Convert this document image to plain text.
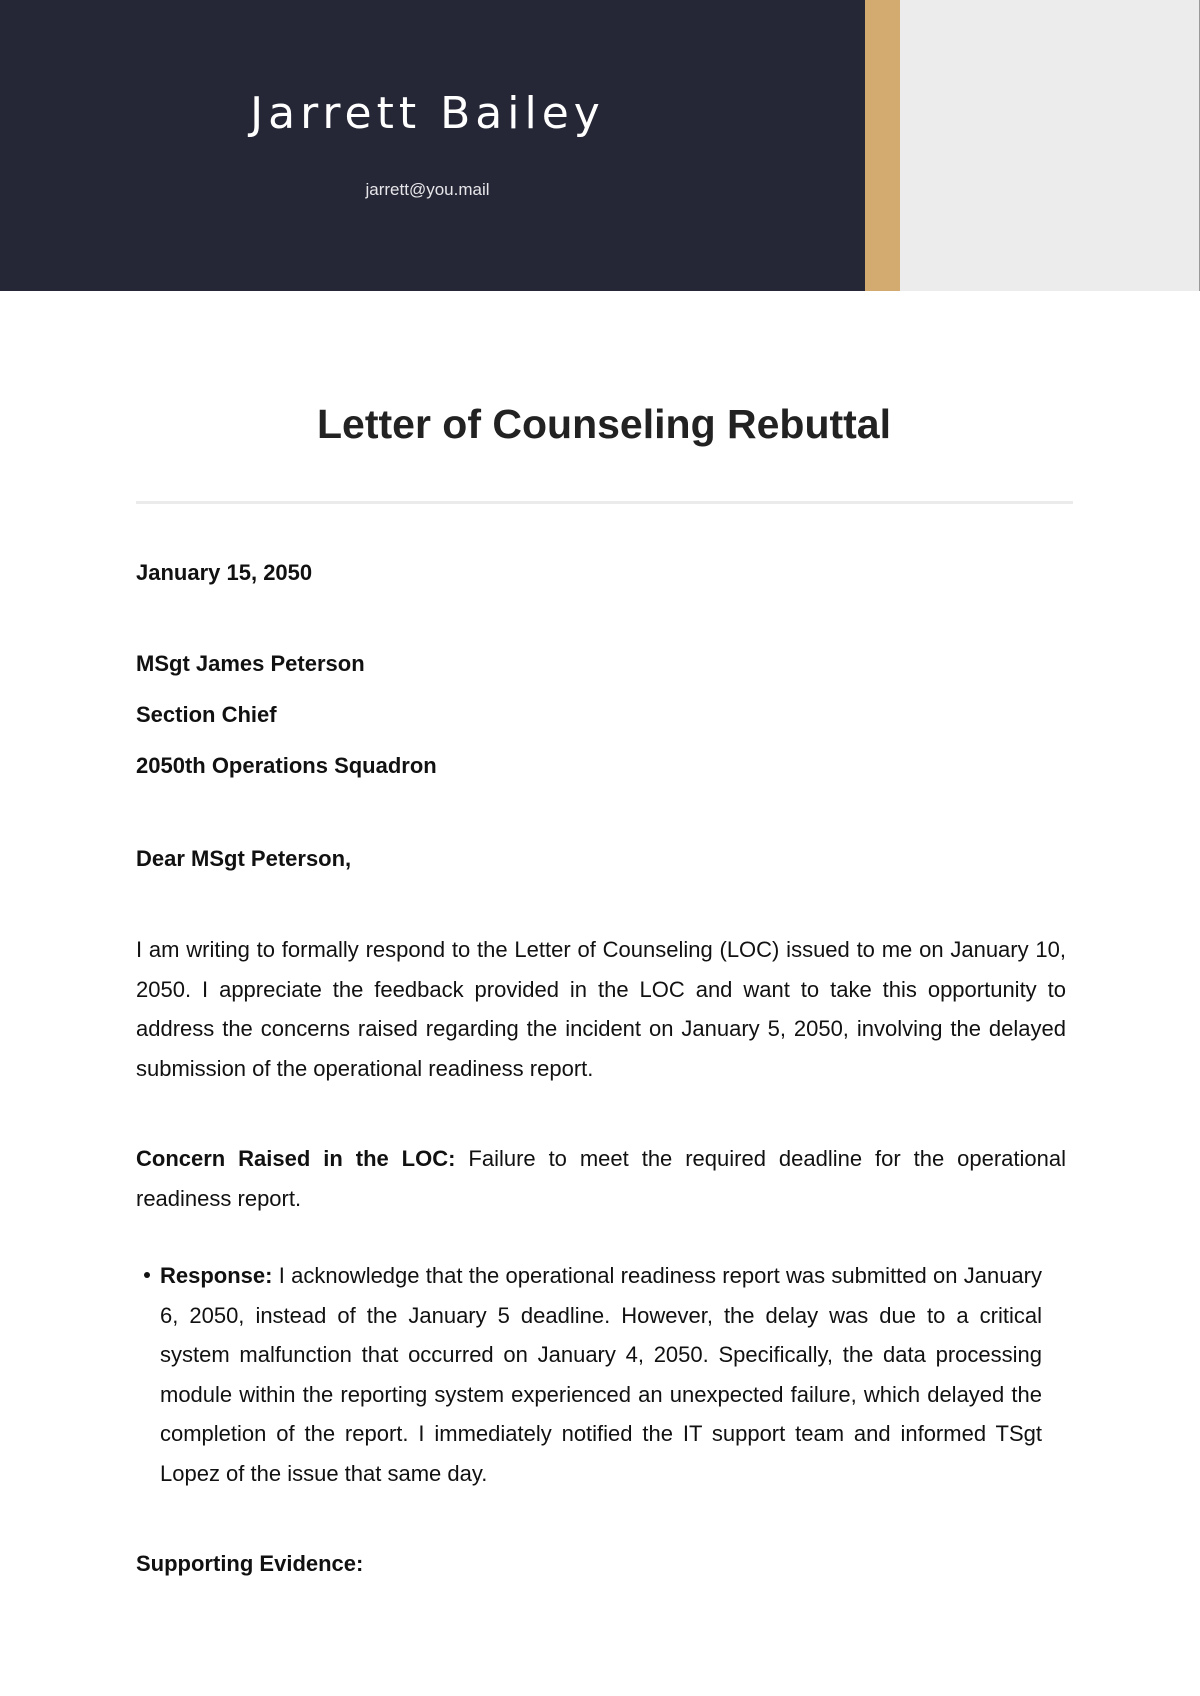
Jarrett Bailey
jarrett@you.mail
Letter of Counseling Rebuttal
January 15, 2050
MSgt James Peterson
Section Chief
2050th Operations Squadron
Dear MSgt Peterson,

I am writing to formally respond to the Letter of Counseling (LOC) issued to me on January 10, 2050. I appreciate the feedback provided in the LOC and want to take this opportunity to address the concerns raised regarding the incident on January 5, 2050, involving the delayed submission of the operational readiness report.

Concern Raised in the LOC: Failure to meet the required deadline for the operational readiness report.

Response: I acknowledge that the operational readiness report was submitted on January 6, 2050, instead of the January 5 deadline. However, the delay was due to a critical system malfunction that occurred on January 4, 2050. Specifically, the data processing module within the reporting system experienced an unexpected failure, which delayed the completion of the report. I immediately notified the IT support team and informed TSgt Lopez of the issue that same day.
Supporting Evidence:
